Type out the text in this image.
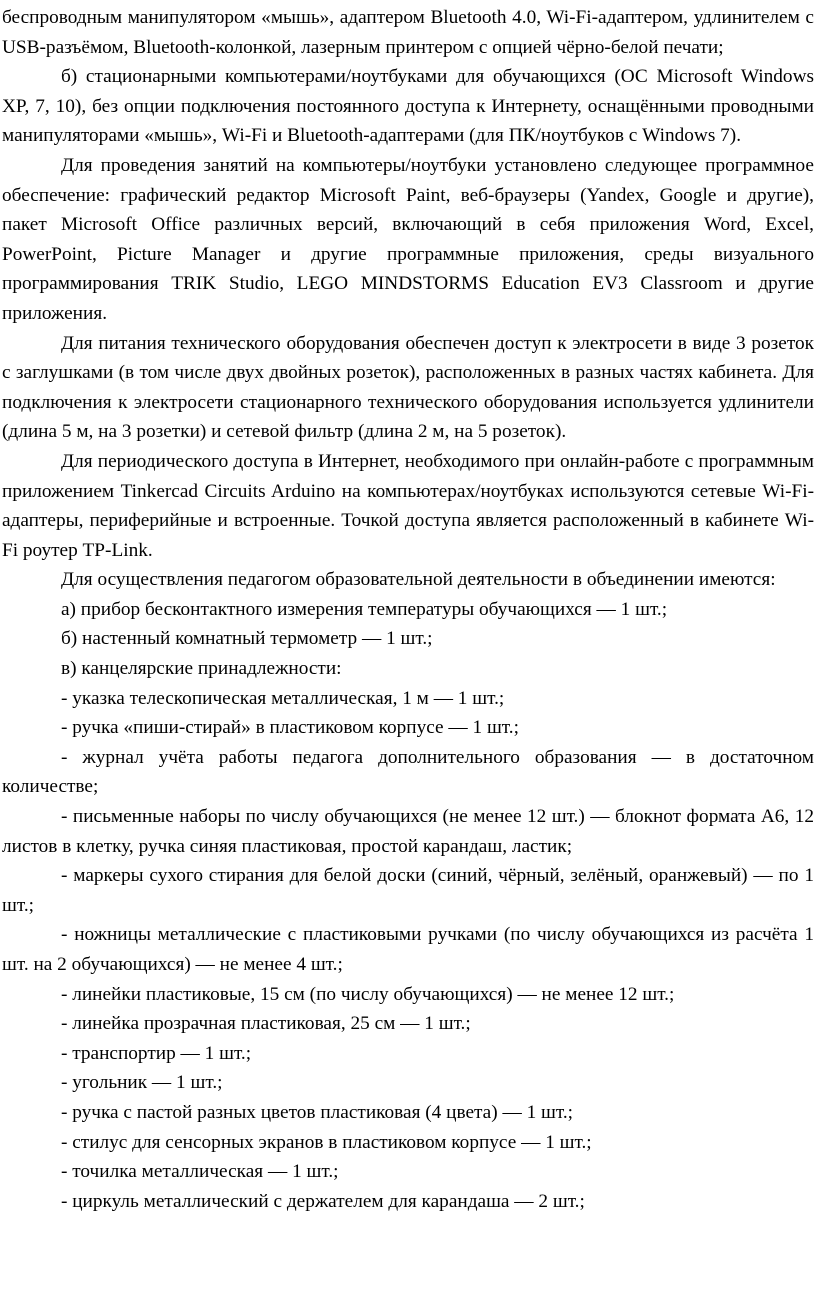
беспроводным манипулятором «мышь», адаптером Bluetooth 4.0, Wi-Fi-адаптером, удлинителем с USB-разъёмом, Bluetooth-колонкой, лазерным принтером с опцией чёрно-белой печати;

б) стационарными компьютерами/ноутбуками для обучающихся (ОС Microsoft Windows XP, 7, 10), без опции подключения постоянного доступа к Интернету, оснащёнными проводными манипуляторами «мышь», Wi-Fi и Bluetooth-адаптерами (для ПК/ноутбуков с Windows 7).

Для проведения занятий на компьютеры/ноутбуки установлено следующее программное обеспечение: графический редактор Microsoft Paint, веб-браузеры (Yandex, Google и другие), пакет Microsoft Office различных версий, включающий в себя приложения Word, Excel, PowerPoint, Picture Manager и другие программные приложения, среды визуального программирования TRIK Studio, LEGO MINDSTORMS Education EV3 Classroom и другие приложения.

Для питания технического оборудования обеспечен доступ к электросети в виде 3 розеток с заглушками (в том числе двух двойных розеток), расположенных в разных частях кабинета. Для подключения к электросети стационарного технического оборудования используется удлинители (длина 5 м, на 3 розетки) и сетевой фильтр (длина 2 м, на 5 розеток).

Для периодического доступа в Интернет, необходимого при онлайн-работе с программным приложением Tinkercad Circuits Arduino на компьютерах/ноутбуках используются сетевые Wi-Fi-адаптеры, периферийные и встроенные. Точкой доступа является расположенный в кабинете Wi-Fi роутер TP-Link.

Для осуществления педагогом образовательной деятельности в объединении имеются:

а) прибор бесконтактного измерения температуры обучающихся — 1 шт.;

б) настенный комнатный термометр — 1 шт.;

в) канцелярские принадлежности:

- указка телескопическая металлическая, 1 м — 1 шт.;

- ручка «пиши-стирай» в пластиковом корпусе — 1 шт.;

- журнал учёта работы педагога дополнительного образования — в достаточном количестве;

- письменные наборы по числу обучающихся (не менее 12 шт.) — блокнот формата А6, 12 листов в клетку, ручка синяя пластиковая, простой карандаш, ластик;

- маркеры сухого стирания для белой доски (синий, чёрный, зелёный, оранжевый) — по 1 шт.;

- ножницы металлические с пластиковыми ручками (по числу обучающихся из расчёта 1 шт. на 2 обучающихся) — не менее 4 шт.;

- линейки пластиковые, 15 см (по числу обучающихся) — не менее 12 шт.;

- линейка прозрачная пластиковая, 25 см — 1 шт.;

- транспортир — 1 шт.;

- угольник — 1 шт.;

- ручка с пастой разных цветов пластиковая (4 цвета) — 1 шт.;

- стилус для сенсорных экранов в пластиковом корпусе — 1 шт.;

- точилка металлическая — 1 шт.;

- циркуль металлический с держателем для карандаша — 2 шт.;
